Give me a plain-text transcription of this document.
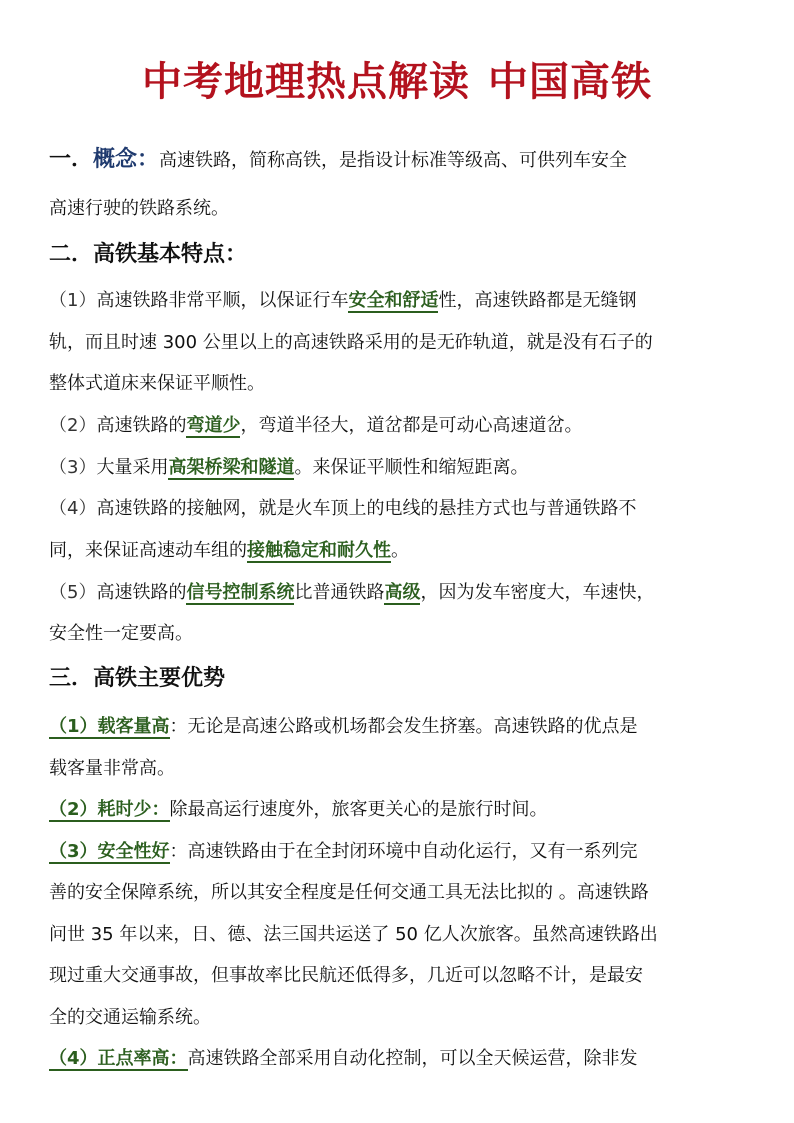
中考地理热点解读 中国高铁
一．概念：高速铁路，简称高铁，是指设计标准等级高、可供列车安全
高速行驶的铁路系统。
二．高铁基本特点：
（1）高速铁路非常平顺，以保证行车安全和舒适性，高速铁路都是无缝钢
轨，而且时速 300 公里以上的高速铁路采用的是无砟轨道，就是没有石子的
整体式道床来保证平顺性。
（2）高速铁路的弯道少，弯道半径大，道岔都是可动心高速道岔。
（3）大量采用高架桥梁和隧道。来保证平顺性和缩短距离。
（4）高速铁路的接触网，就是火车顶上的电线的悬挂方式也与普通铁路不
同，来保证高速动车组的接触稳定和耐久性。
（5）高速铁路的信号控制系统比普通铁路高级，因为发车密度大，车速快，
安全性一定要高。
三．高铁主要优势
（1）载客量高：无论是高速公路或机场都会发生挤塞。高速铁路的优点是
载客量非常高。
（2）耗时少：除最高运行速度外，旅客更关心的是旅行时间。
（3）安全性好：高速铁路由于在全封闭环境中自动化运行，又有一系列完
善的安全保障系统，所以其安全程度是任何交通工具无法比拟的 。高速铁路
问世 35 年以来，日、德、法三国共运送了 50 亿人次旅客。虽然高速铁路出
现过重大交通事故，但事故率比民航还低得多，几近可以忽略不计，是最安
全的交通运输系统。
（4）正点率高：高速铁路全部采用自动化控制，可以全天候运营，除非发
